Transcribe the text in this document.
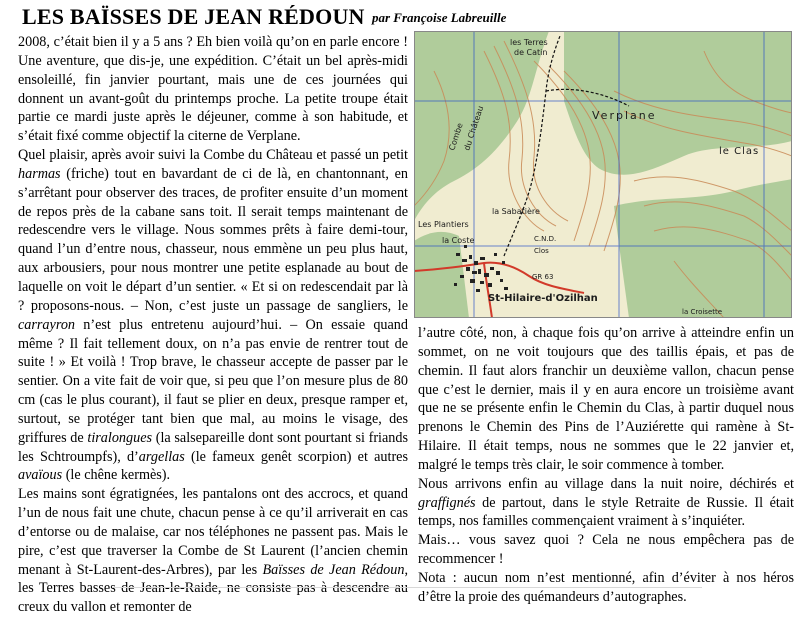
LES BAÏSSES DE JEAN RÉDOUN par Françoise Labreuille

2008, c’était bien il y a 5 ans ? Eh bien voilà qu’on en parle encore ! Une aventure, que dis-je, une expédition. C’était un bel après-midi ensoleillé, fin janvier pourtant, mais une de ces journées qui donnent un avant-goût du printemps proche. La petite troupe était partie ce mardi juste après le déjeuner, comme à son habitude, et s’était fixé comme objectif la citerne de Verplane.

Quel plaisir, après avoir suivi la Combe du Château et passé un petit harmas (friche) tout en bavardant de ci de là, en chantonnant, en s’arrêtant pour observer des traces, de profiter ensuite d’un moment de repos près de la cabane sans toit. Il serait temps maintenant de redescendre vers le village. Nous sommes prêts à faire demi-tour, quand l’un d’entre nous, chasseur, nous emmène un peu plus haut, aux arbousiers, pour nous montrer une petite esplanade au bout de laquelle on voit le départ d’un sentier. « Et si on redescendait par là ? proposons-nous. – Non, c’est juste un passage de sangliers, le carrayron n’est plus entretenu aujourd’hui. – On essaie quand même ? Il fait tellement doux, on n’a pas envie de rentrer tout de suite ! » Et voilà ! Trop brave, le chasseur accepte de passer par le sentier. On a vite fait de voir que, si peu que l’on mesure plus de 80 cm (cas le plus courant), il faut se plier en deux, presque ramper et, surtout, se protéger tant bien que mal, au moins le visage, des griffures de tiralongues (la salsepareille dont sont pourtant si friands les Schtroumpfs), d’argellas (le fameux genêt scorpion) et autres avaïous (le chêne kermès).

Les mains sont égratignées, les pantalons ont des accrocs, et quand l’un de nous fait une chute, chacun pense à ce qu’il arriverait en cas d’entorse ou de malaise, car nos téléphones ne passent pas. Mais le pire, c’est que traverser la Combe de St Laurent (l’ancien chemin menant à St-Laurent-des-Arbres), par les Baïsses de Jean Rédoun, les Terres basses de Jean-le-Raide, ne consiste pas à descendre au creux du vallon et remonter de

les Terres
de Catin
Verplane
le Clas
Combe
du Château
la Sabatière
Les Plantiers
la Coste	C.N.D.
Clos
GR 63
St-Hilaire-d'Ozilhan
la Croisette

l’autre côté, non, à chaque fois qu’on arrive à atteindre enfin un sommet, on ne voit toujours que des taillis épais, et pas de chemin. Il faut alors franchir un deuxième vallon, chacun pense que c’est le dernier, mais il y en aura encore un troisième avant que ne se présente enfin le Chemin du Clas, à partir duquel nous prenons le Chemin des Pins de l’Auziérette qui ramène à St-Hilaire. Il était temps, nous ne sommes que le 22 janvier et, malgré le temps très clair, le soir commence à tomber.

Nous arrivons enfin au village dans la nuit noire, déchirés et graffignés de partout, dans le style Retraite de Russie. Il était temps, nos familles commençaient vraiment à s’inquiéter.

Mais… vous savez quoi ? Cela ne nous empêchera pas de recommencer !

Nota : aucun nom n’est mentionné, afin d’éviter à nos héros d’être la proie des quémandeurs d’autographes.
